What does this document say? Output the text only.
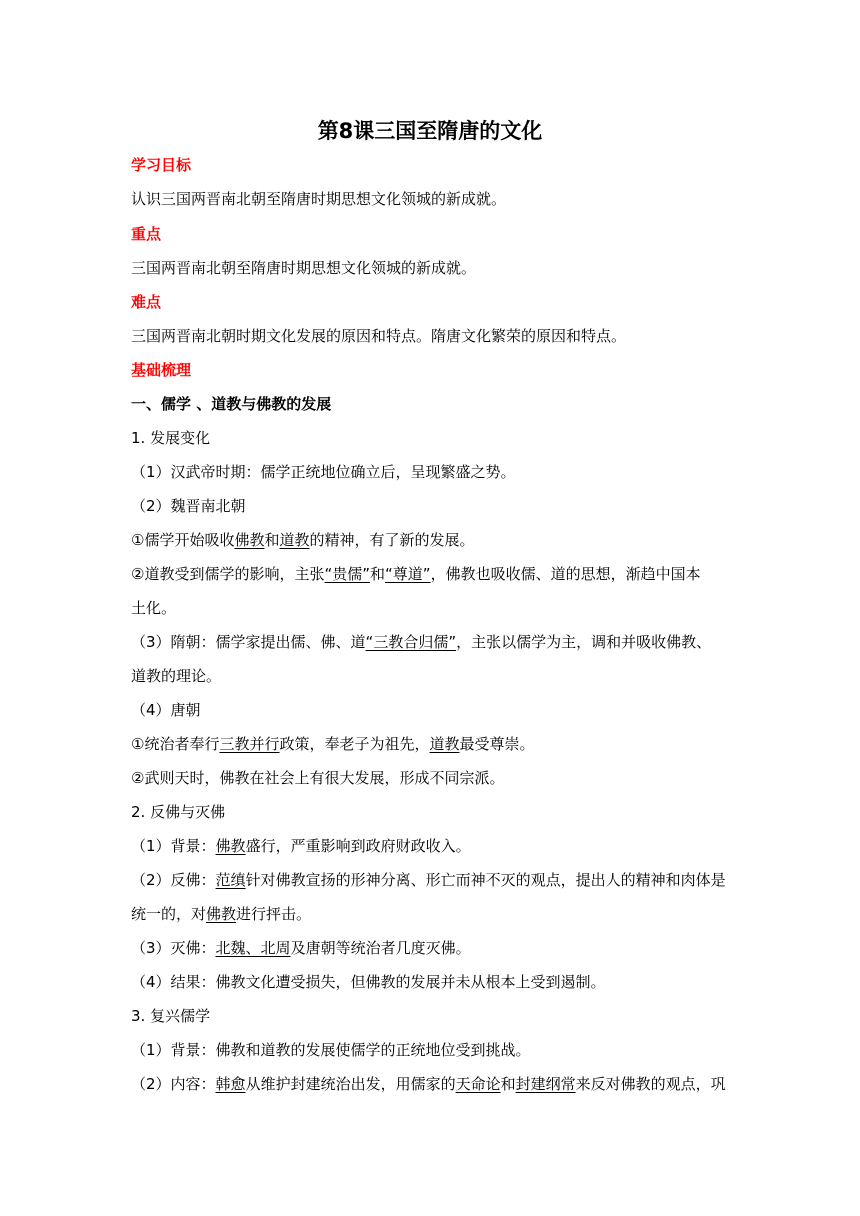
第8课三国至隋唐的文化
学习目标
认识三国两晋南北朝至隋唐时期思想文化领城的新成就。
重点
三国两晋南北朝至隋唐时期思想文化领城的新成就。
难点
三国两晋南北朝时期文化发展的原因和特点。隋唐文化繁荣的原因和特点。
基础梳理
一、儒学 、道教与佛教的发展
1. 发展变化
（1）汉武帝时期：儒学正统地位确立后，呈现繁盛之势。
（2）魏晋南北朝
①儒学开始吸收佛教和道教的精神，有了新的发展。
②道教受到儒学的影响，主张“贵儒”和“尊道”，佛教也吸收儒、道的思想，渐趋中国本
土化。
（3）隋朝：儒学家提出儒、佛、道“三教合归儒”，主张以儒学为主，调和并吸收佛教、
道教的理论。
（4）唐朝
①统治者奉行三教并行政策，奉老子为祖先，道教最受尊崇。
②武则天时，佛教在社会上有很大发展，形成不同宗派。
2. 反佛与灭佛
（1）背景：佛教盛行，严重影响到政府财政收入。
（2）反佛：范缜针对佛教宣扬的形神分离、形亡而神不灭的观点，提出人的精神和肉体是
统一的，对佛教进行抨击。
（3）灭佛：北魏、北周及唐朝等统治者几度灭佛。
（4）结果：佛教文化遭受损失，但佛教的发展并未从根本上受到遏制。
3. 复兴儒学
（1）背景：佛教和道教的发展使儒学的正统地位受到挑战。
（2）内容：韩愈从维护封建统治出发，用儒家的天命论和封建纲常来反对佛教的观点，巩
